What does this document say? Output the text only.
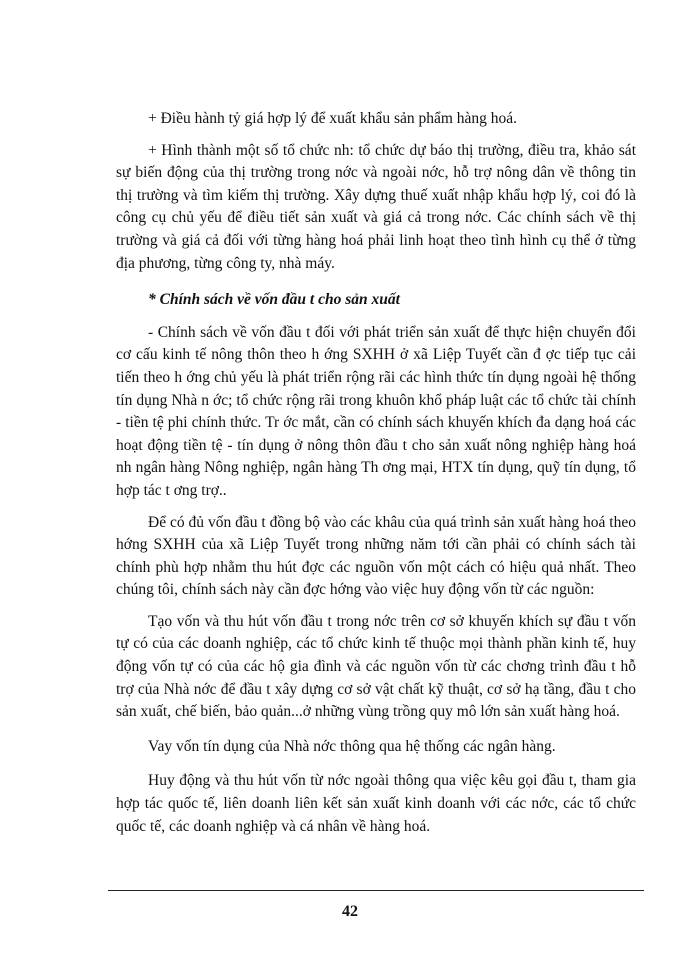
+ Điều hành tỷ giá hợp lý để xuất khẩu sản phẩm hàng hoá.

+ Hình thành một số tổ chức nh: tổ chức dự báo thị trường, điều tra, khảo sát sự biến động của thị trường trong nớc và ngoài nớc, hỗ trợ nông dân về thông tin thị trường và tìm kiếm thị trường. Xây dựng thuế xuất nhập khẩu hợp lý, coi đó là công cụ chủ yếu để điều tiết sản xuất và giá cả trong nớc. Các chính sách về thị trường và giá cả đối với từng hàng hoá phải linh hoạt theo tình hình cụ thể ở từng địa phương, từng công ty, nhà máy.

* Chính sách về vốn đầu t cho sản xuất

- Chính sách về vốn đầu t đối với phát triển sản xuất để thực hiện chuyển đổi cơ cấu kinh tế nông thôn theo h ớng SXHH ở xã Liệp Tuyết cần đ ợc tiếp tục cải tiến theo h ớng chủ yếu là phát triển rộng rãi các hình thức tín dụng ngoài hệ thống tín dụng Nhà n ớc; tổ chức rộng rãi trong khuôn khổ pháp luật các tổ chức tài chính - tiền tệ phi chính thức. Tr ớc mắt, cần có chính sách khuyến khích đa dạng hoá các hoạt động tiền tệ - tín dụng ở nông thôn đầu t cho sản xuất nông nghiệp hàng hoá nh ngân hàng Nông nghiệp, ngân hàng Th ơng mại, HTX tín dụng, quỹ tín dụng, tổ hợp tác t ơng trợ..

Để có đủ vốn đầu t đồng bộ vào các khâu của quá trình sản xuất hàng hoá theo hớng SXHH của xã Liệp Tuyết trong những năm tới cần phải có chính sách tài chính phù hợp nhằm thu hút đợc các nguồn vốn một cách có hiệu quả nhất. Theo chúng tôi, chính sách này cần đợc hớng vào việc huy động vốn từ các nguồn:

Tạo vốn và thu hút vốn đầu t trong nớc trên cơ sở khuyến khích sự đầu t vốn tự có của các doanh nghiệp, các tổ chức kinh tế thuộc mọi thành phần kinh tế, huy động vốn tự có của các hộ gia đình và các nguồn vốn từ các chơng trình đầu t hỗ trợ của Nhà nớc để đầu t xây dựng cơ sở vật chất kỹ thuật, cơ sở hạ tầng, đầu t cho sản xuất, chế biến, bảo quản...ở những vùng trồng quy mô lớn sản xuất hàng hoá.

Vay vốn tín dụng của Nhà nớc thông qua hệ thống các ngân hàng.

Huy động và thu hút vốn từ nớc ngoài thông qua việc kêu gọi đầu t, tham gia hợp tác quốc tế, liên doanh liên kết sản xuất kinh doanh với các nớc, các tổ chức quốc tế, các doanh nghiệp và cá nhân về hàng hoá.

42
